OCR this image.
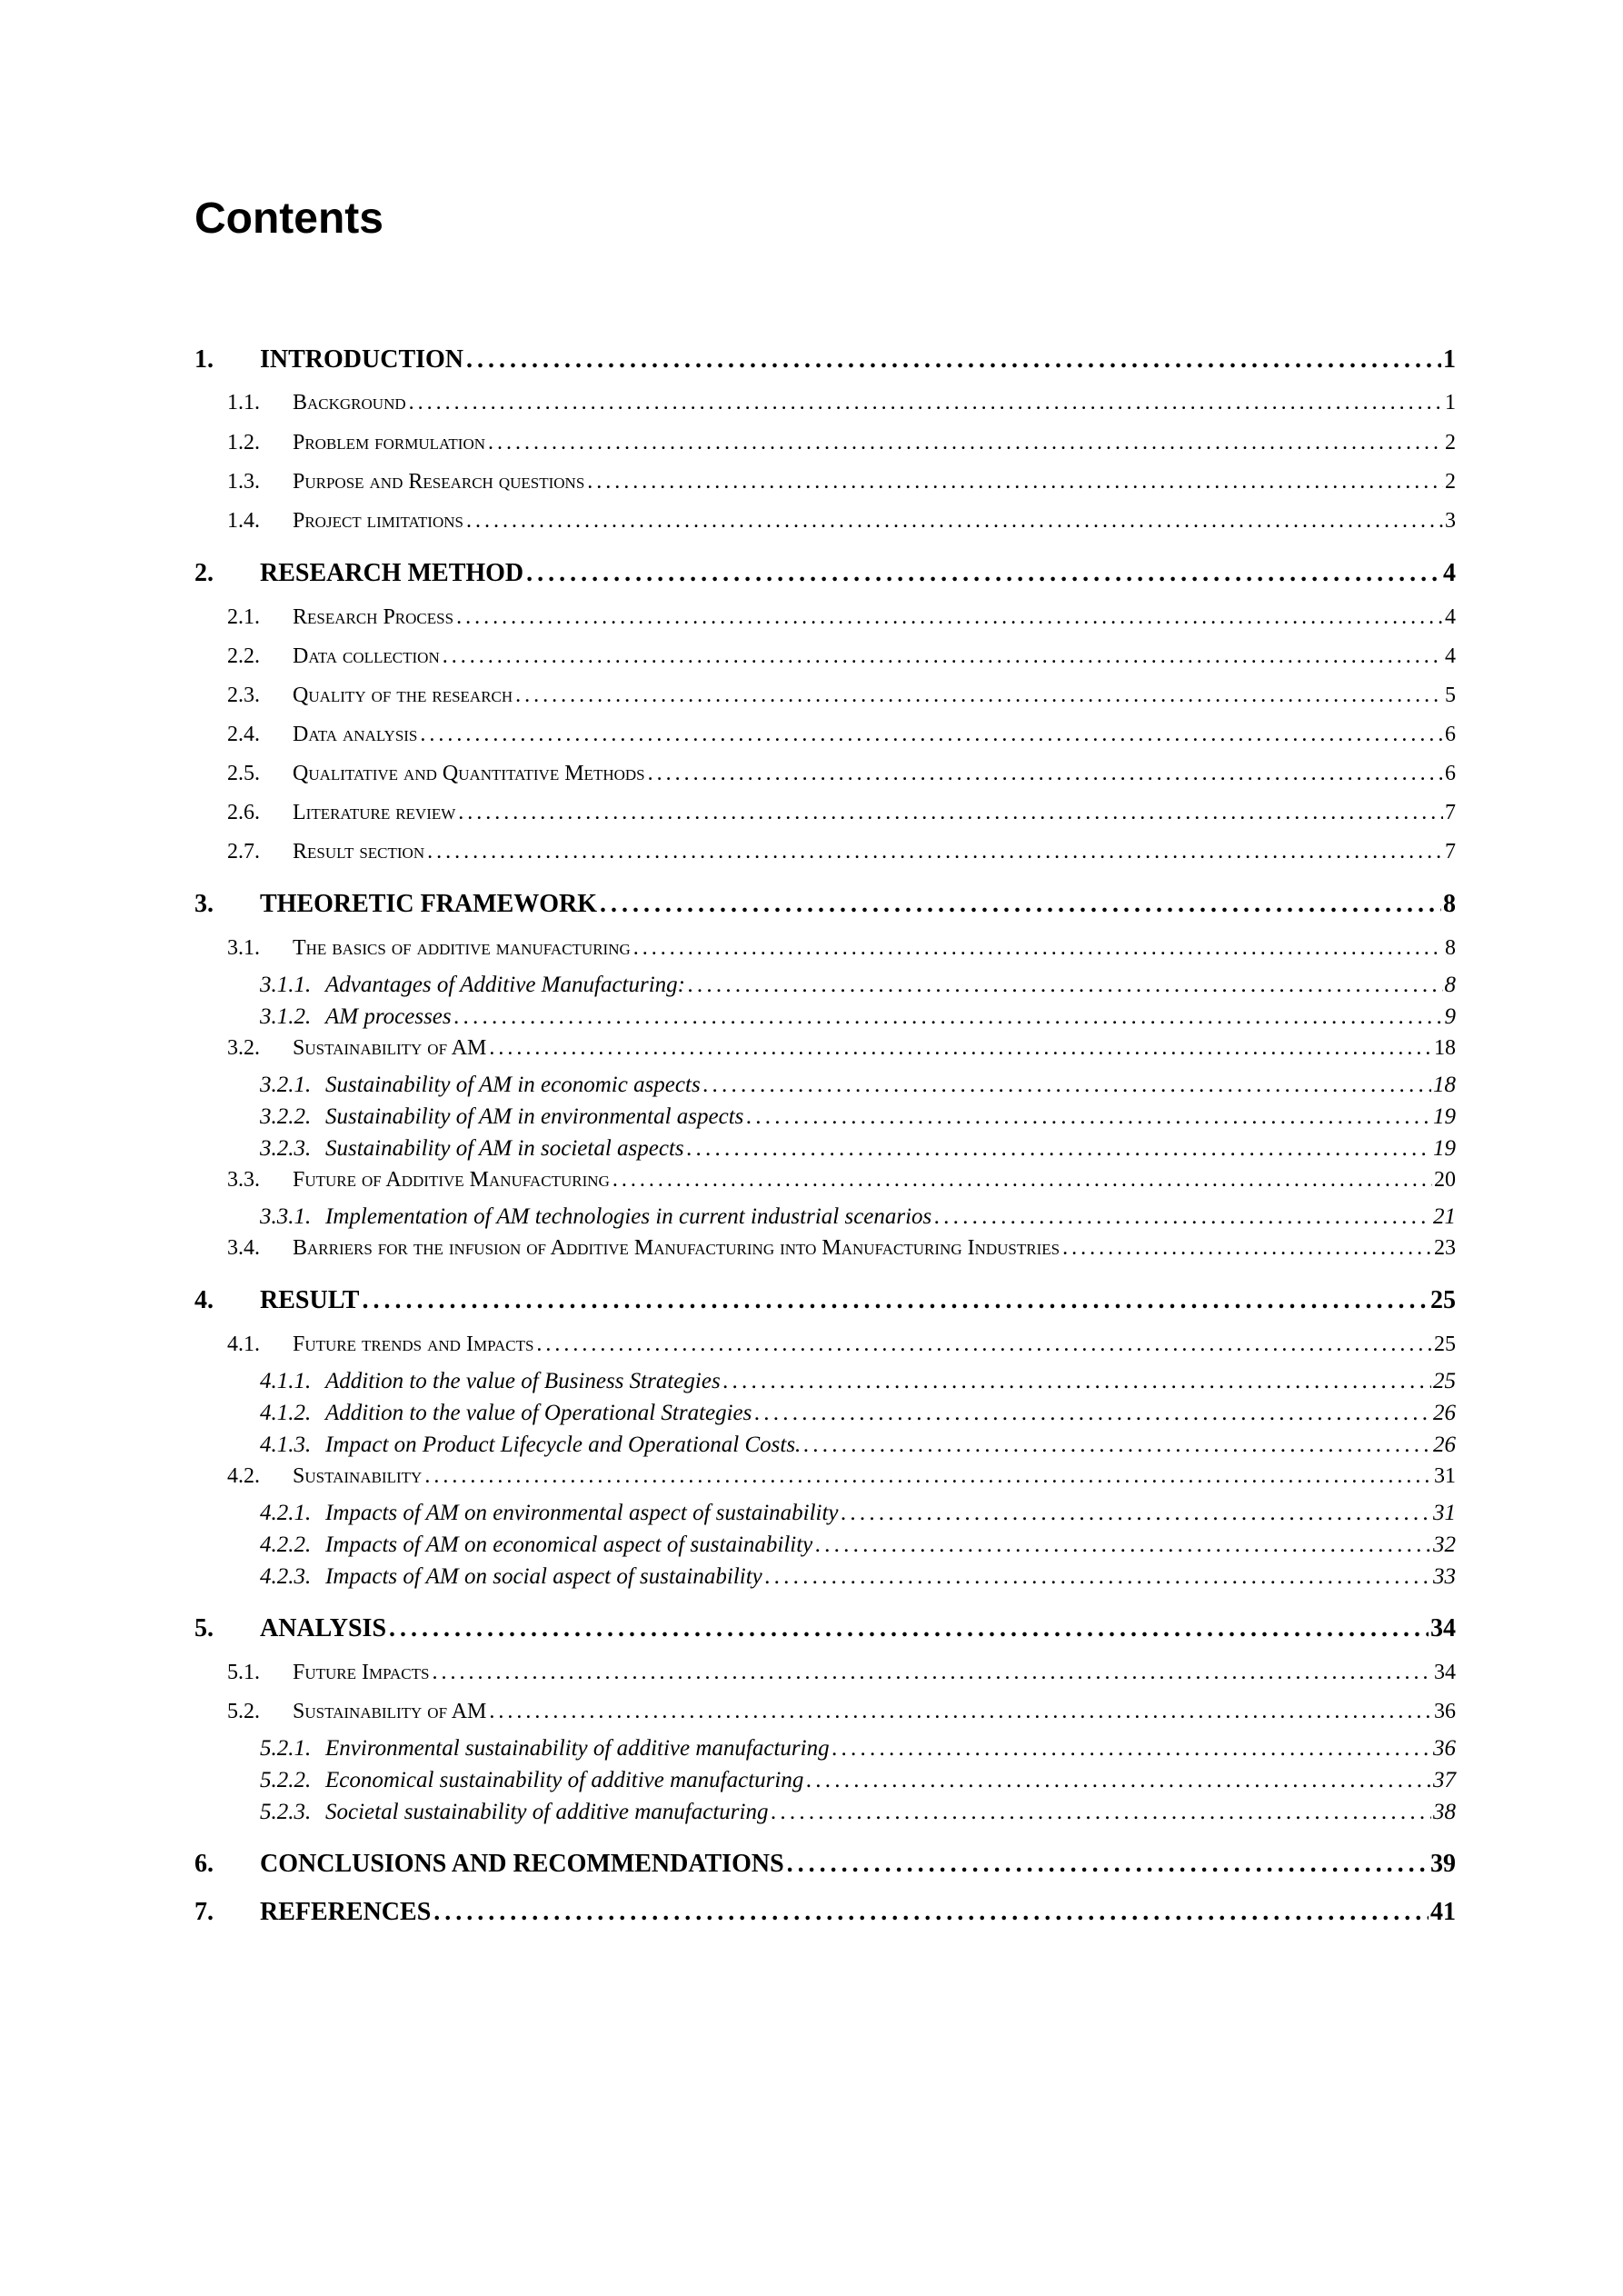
Contents
1.	INTRODUCTION . . .	1
1.1.	Background . . .	1
1.2.	Problem formulation . . .	2
1.3.	Purpose and Research questions . . .	2
1.4.	Project limitations . . .	3
2.	RESEARCH METHOD . . .	4
2.1.	Research Process . . .	4
2.2.	Data collection . . .	4
2.3.	Quality of the research . . .	5
2.4.	Data analysis . . .	6
2.5.	Qualitative and Quantitative Methods . . .	6
2.6.	Literature review . . .	7
2.7.	Result section . . .	7
3.	THEORETIC FRAMEWORK . . .	8
3.1.	The basics of additive manufacturing . . .	8
3.1.1. Advantages of Additive Manufacturing: . . .	8
3.1.2. AM processes . . .	9
3.2.	Sustainability of AM . . .	18
3.2.1. Sustainability of AM in economic aspects . . .	18
3.2.2. Sustainability of AM in environmental aspects . . .	19
3.2.3. Sustainability of AM in societal aspects . . .	19
3.3.	Future of Additive Manufacturing . . .	20
3.3.1. Implementation of AM technologies in current industrial scenarios . . .	21
3.4.	Barriers for the infusion of Additive Manufacturing into Manufacturing Industries . . .	23
4.	RESULT . . .	25
4.1.	Future trends and Impacts . . .	25
4.1.1. Addition to the value of Business Strategies . . .	25
4.1.2. Addition to the value of Operational Strategies . . .	26
4.1.3. Impact on Product Lifecycle and Operational Costs. . . .	26
4.2.	Sustainability . . .	31
4.2.1. Impacts of AM on environmental aspect of sustainability . . .	31
4.2.2. Impacts of AM on economical aspect of sustainability . . .	32
4.2.3. Impacts of AM on social aspect of sustainability . . .	33
5.	ANALYSIS . . .	34
5.1.	Future Impacts . . .	34
5.2.	Sustainability of AM . . .	36
5.2.1. Environmental sustainability of additive manufacturing . . .	36
5.2.2. Economical sustainability of additive manufacturing . . .	37
5.2.3. Societal sustainability of additive manufacturing . . .	38
6.	CONCLUSIONS AND RECOMMENDATIONS . . .	39
7.	REFERENCES . . .	41
